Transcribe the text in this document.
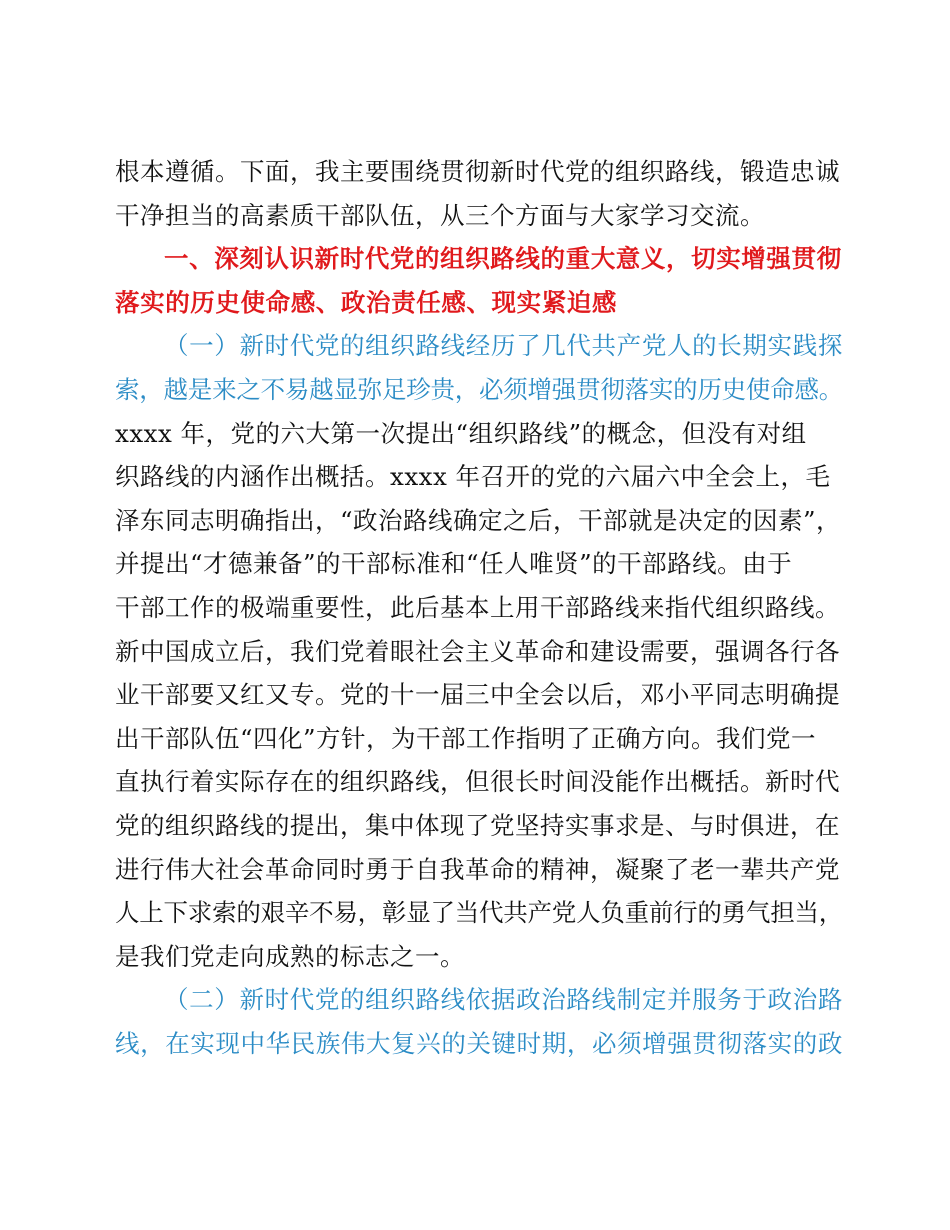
根本遵循。下面，我主要围绕贯彻新时代党的组织路线，锻造忠诚
干净担当的高素质干部队伍，从三个方面与大家学习交流。
一、深刻认识新时代党的组织路线的重大意义，切实增强贯彻
落实的历史使命感、政治责任感、现实紧迫感
（一）新时代党的组织路线经历了几代共产党人的长期实践探
索，越是来之不易越显弥足珍贵，必须增强贯彻落实的历史使命感。
xxxx 年，党的六大第一次提出“组织路线”的概念，但没有对组
织路线的内涵作出概括。xxxx 年召开的党的六届六中全会上，毛
泽东同志明确指出，“政治路线确定之后，干部就是决定的因素”，
并提出“才德兼备”的干部标准和“任人唯贤”的干部路线。由于
干部工作的极端重要性，此后基本上用干部路线来指代组织路线。
新中国成立后，我们党着眼社会主义革命和建设需要，强调各行各
业干部要又红又专。党的十一届三中全会以后，邓小平同志明确提
出干部队伍“四化”方针，为干部工作指明了正确方向。我们党一
直执行着实际存在的组织路线，但很长时间没能作出概括。新时代
党的组织路线的提出，集中体现了党坚持实事求是、与时俱进，在
进行伟大社会革命同时勇于自我革命的精神，凝聚了老一辈共产党
人上下求索的艰辛不易，彰显了当代共产党人负重前行的勇气担当，
是我们党走向成熟的标志之一。
（二）新时代党的组织路线依据政治路线制定并服务于政治路
线，在实现中华民族伟大复兴的关键时期，必须增强贯彻落实的政
